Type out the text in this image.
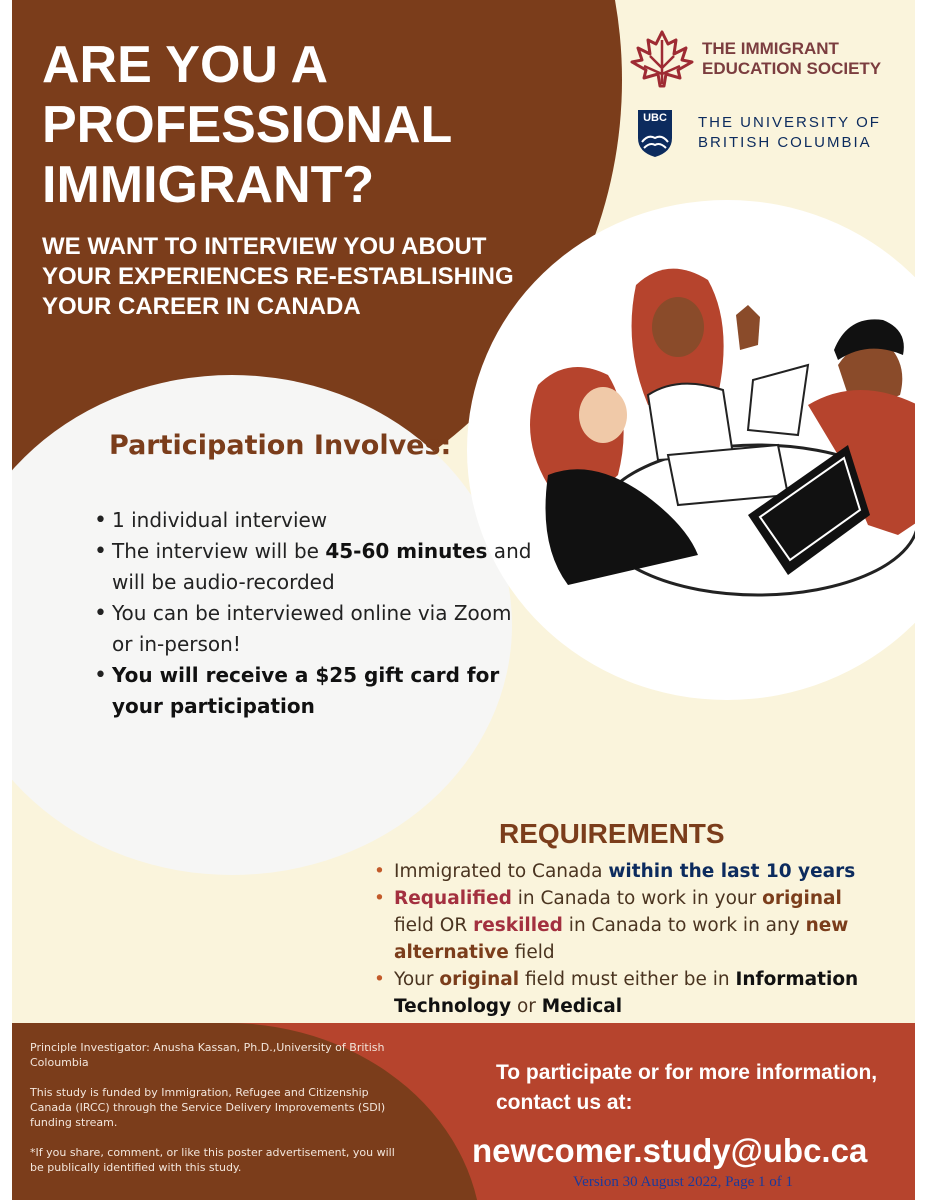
ARE YOU A PROFESSIONAL IMMIGRANT?
WE WANT TO INTERVIEW YOU ABOUT YOUR EXPERIENCES RE-ESTABLISHING YOUR CAREER IN CANADA
THE IMMIGRANT EDUCATION SOCIETY
UBC THE UNIVERSITY OF BRITISH COLUMBIA
Participation Involves:
• 1 individual interview
• The interview will be 45-60 minutes and will be audio-recorded
• You can be interviewed online via Zoom or in-person!
• You will receive a $25 gift card for your participation
REQUIREMENTS
• Immigrated to Canada within the last 10 years
• Requalified in Canada to work in your original field OR reskilled in Canada to work in any new alternative field
• Your original field must either be in Information Technology or Medical

Principle Investigator: Anusha Kassan, Ph.D.,University of British Coloumbia

This study is funded by Immigration, Refugee and Citizenship Canada (IRCC) through the Service Delivery Improvements (SDI) funding stream.

*If you share, comment, or like this poster advertisement, you will be publically identified with this study.

To participate or for more information, contact us at:

newcomer.study@ubc.ca

Version 30 August 2022, Page 1 of 1
